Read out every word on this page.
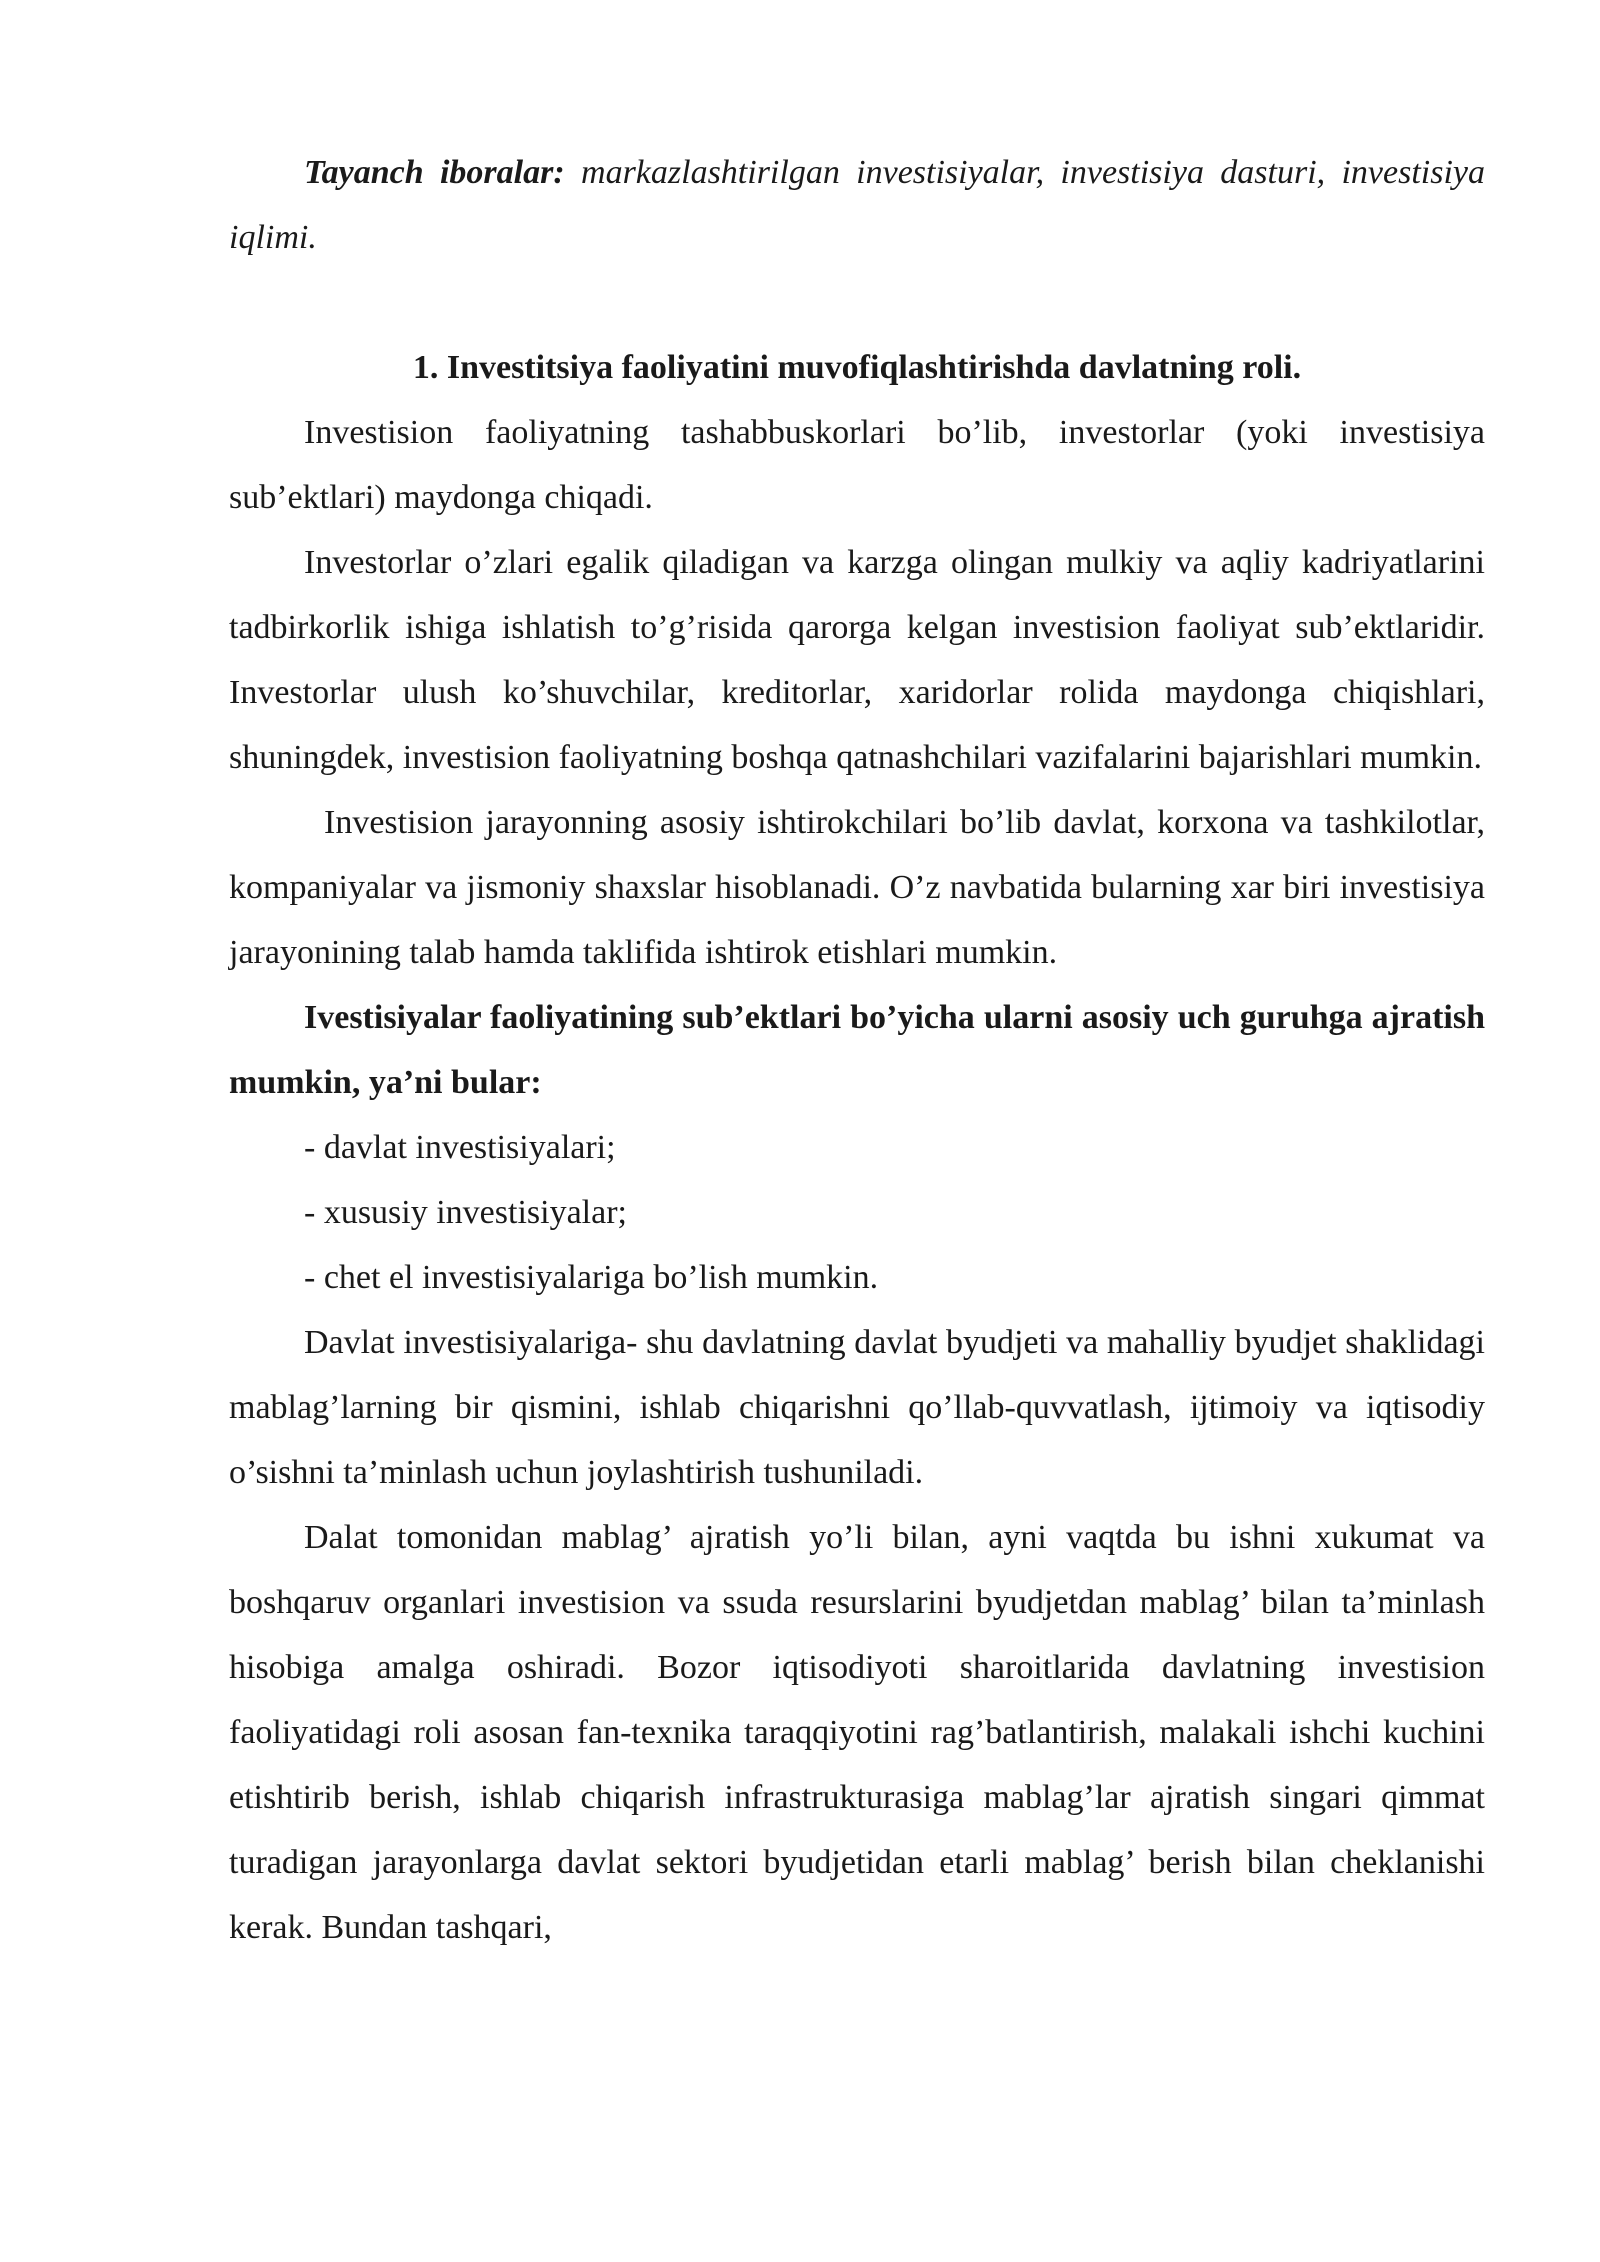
Tayanch iboralar: markazlashtirilgan investisiyalar, investisiya dasturi, investisiya iqlimi.

1. Investitsiya faoliyatini muvofiqlashtirishda davlatning roli.

Investision faoliyatning tashabbuskorlari bo’lib, investorlar (yoki investisiya sub’ektlari) maydonga chiqadi.

Investorlar o’zlari egalik qiladigan va karzga olingan mulkiy va aqliy kadriyatlarini tadbirkorlik ishiga ishlatish to’g’risida qarorga kelgan investision faoliyat sub’ektlaridir. Investorlar ulush ko’shuvchilar, kreditorlar, xaridorlar rolida maydonga chiqishlari, shuningdek, investision faoliyatning boshqa qatnashchilari vazifalarini bajarishlari mumkin.

Investision jarayonning asosiy ishtirokchilari bo’lib davlat, korxona va tashkilotlar, kompaniyalar va jismoniy shaxslar hisoblanadi. O’z navbatida bularning xar biri investisiya jarayonining talab hamda taklifida ishtirok etishlari mumkin.

Ivestisiyalar faoliyatining sub’ektlari bo’yicha ularni asosiy uch guruhga ajratish mumkin, ya’ni bular:

- davlat investisiyalari;

- xususiy investisiyalar;

- chet el investisiyalariga bo’lish mumkin.

Davlat investisiyalariga- shu davlatning davlat byudjeti va mahalliy byudjet shaklidagi mablag’larning bir qismini, ishlab chiqarishni qo’llab-quvvatlash, ijtimoiy va iqtisodiy o’sishni ta’minlash uchun joylashtirish tushuniladi.

Dalat tomonidan mablag’ ajratish yo’li bilan, ayni vaqtda bu ishni xukumat va boshqaruv organlari investision va ssuda resurslarini byudjetdan mablag’ bilan ta’minlash hisobiga amalga oshiradi. Bozor iqtisodiyoti sharoitlarida davlatning investision faoliyatidagi roli asosan fan-texnika taraqqiyotini rag’batlantirish, malakali ishchi kuchini etishtirib berish, ishlab chiqarish infrastrukturasiga mablag’lar ajratish singari qimmat turadigan jarayonlarga davlat sektori byudjetidan etarli mablag’ berish bilan cheklanishi kerak. Bundan tashqari,
